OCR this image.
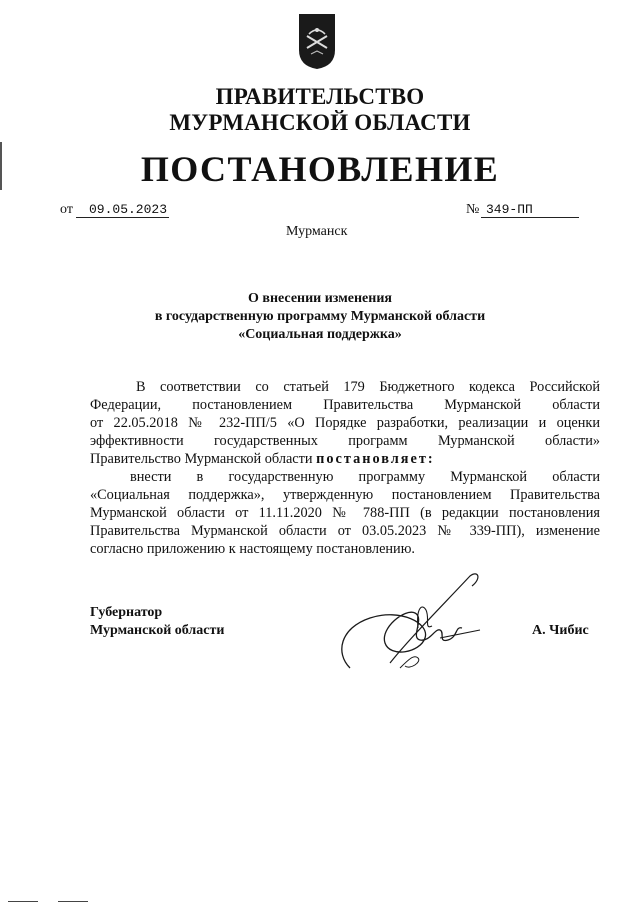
ПРАВИТЕЛЬСТВО
МУРМАНСКОЙ ОБЛАСТИ
ПОСТАНОВЛЕНИЕ
от 09.05.2023	№ 349-ПП
Мурманск
О внесении изменения
в государственную программу Мурманской области
«Социальная поддержка»
В соответствии со статьей 179 Бюджетного кодекса Российской
Федерации, постановлением Правительства Мурманской области
от 22.05.2018 № 232-ПП/5 «О Порядке разработки, реализации и оценки
эффективности государственных программ Мурманской области»
Правительство Мурманской области постановляет:
внести в государственную программу Мурманской области
«Социальная поддержка», утвержденную постановлением Правительства
Мурманской области от 11.11.2020 № 788-ПП (в редакции постановления
Правительства Мурманской области от 03.05.2023 № 339-ПП), изменение
согласно приложению к настоящему постановлению.
Губернатор
Мурманской области	А. Чибис
